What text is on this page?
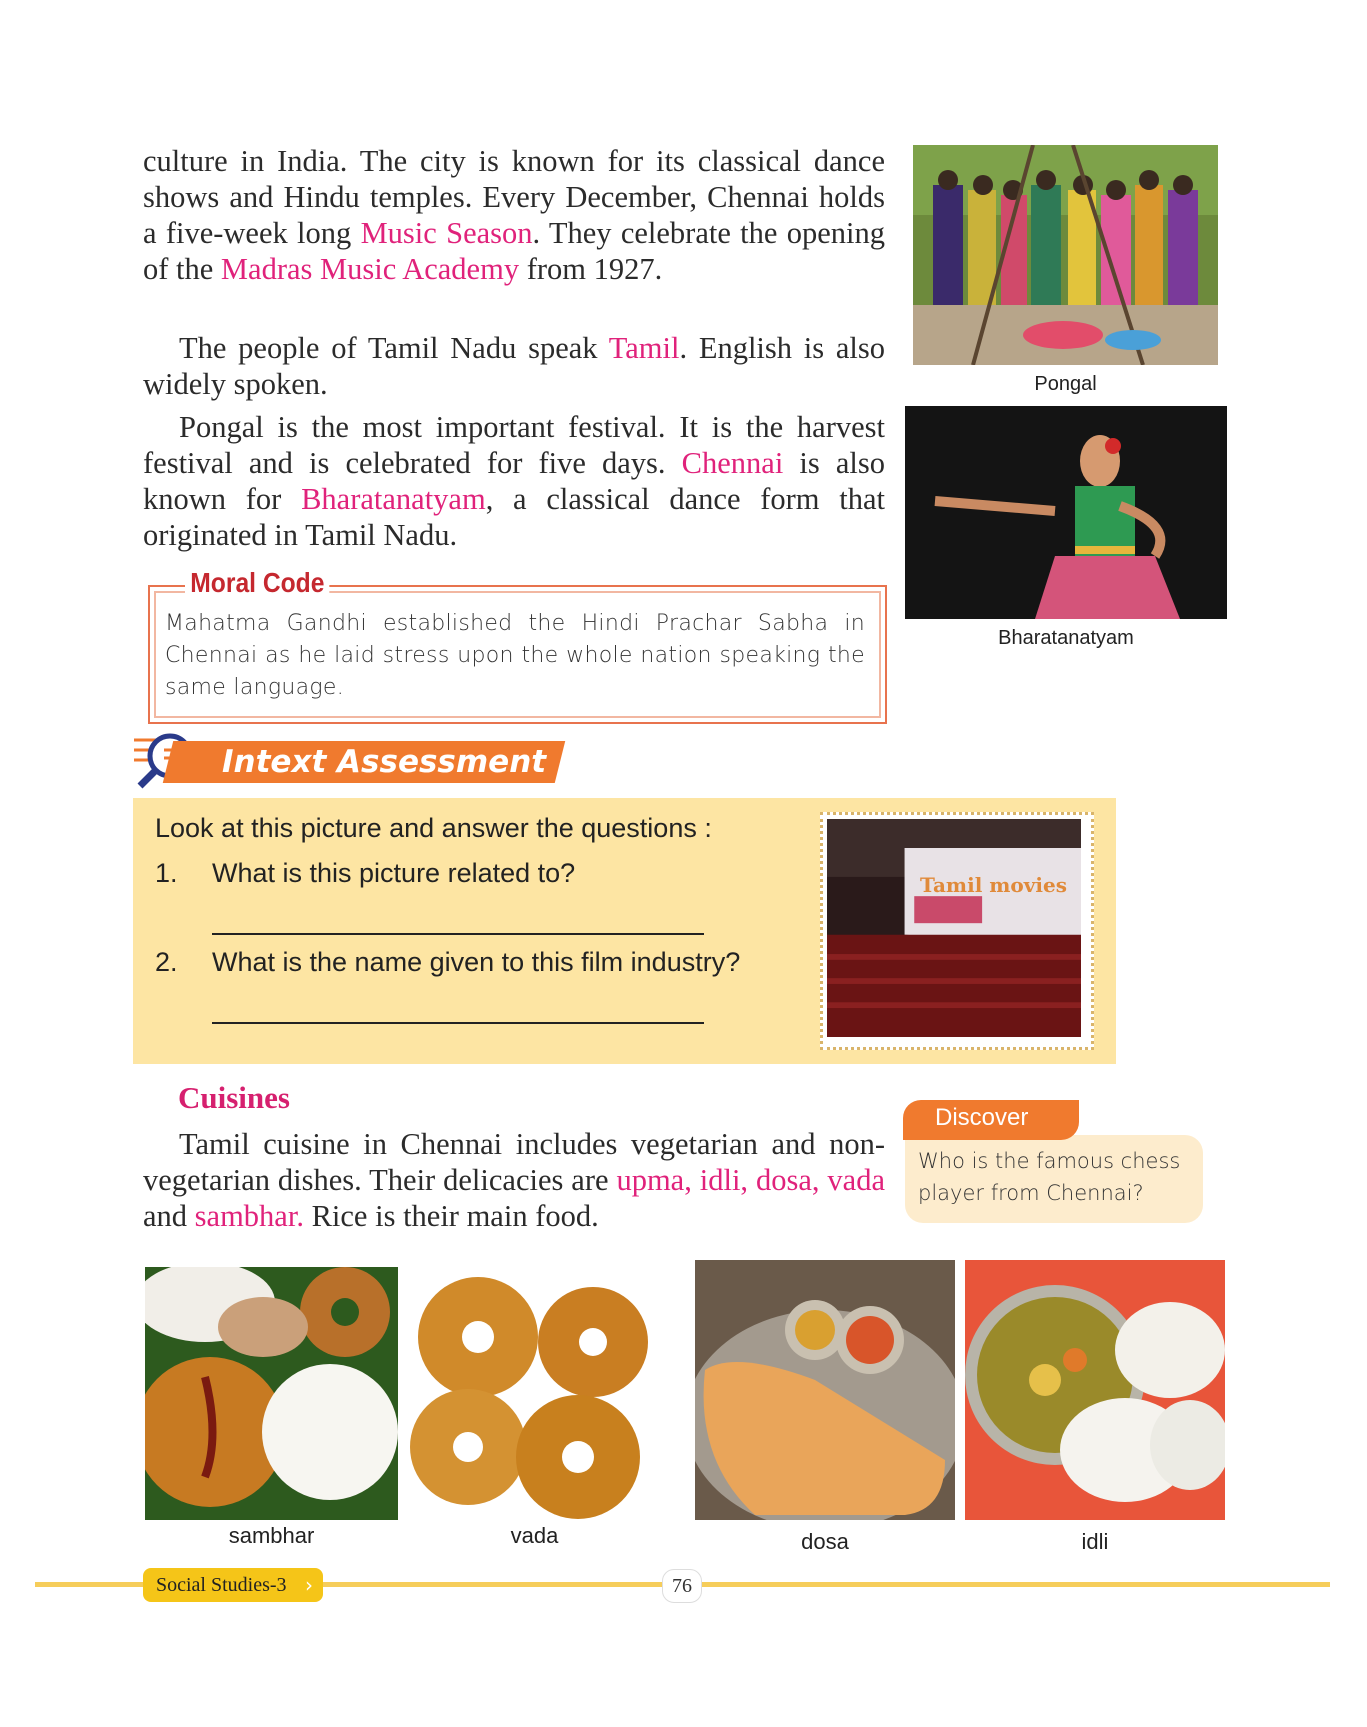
culture in India. The city is known for its classical dance shows and Hindu temples. Every December, Chennai holds a five-week long Music Season. They celebrate the opening of the Madras Music Academy from 1927.

The people of Tamil Nadu speak Tamil. English is also widely spoken.

Pongal is the most important festival. It is the harvest festival and is celebrated for five days. Chennai is also known for Bharatanatyam, a classical dance form that originated in Tamil Nadu.

Pongal
Bharatanatyam
Moral Code
Mahatma Gandhi established the Hindi Prachar Sabha in Chennai as he laid stress upon the whole nation speaking the same language.
Intext Assessment
Look at this picture and answer the questions :
1. What is this picture related to?
2. What is the name given to this film industry?
Tamil movies
Cuisines

Tamil cuisine in Chennai includes vegetarian and non-vegetarian dishes. Their delicacies are upma, idli, dosa, vada and sambhar. Rice is their main food.

Discover
Who is the famous chess player from Chennai?
sambhar	vada	dosa	idli
Social Studies-3 ›	76
